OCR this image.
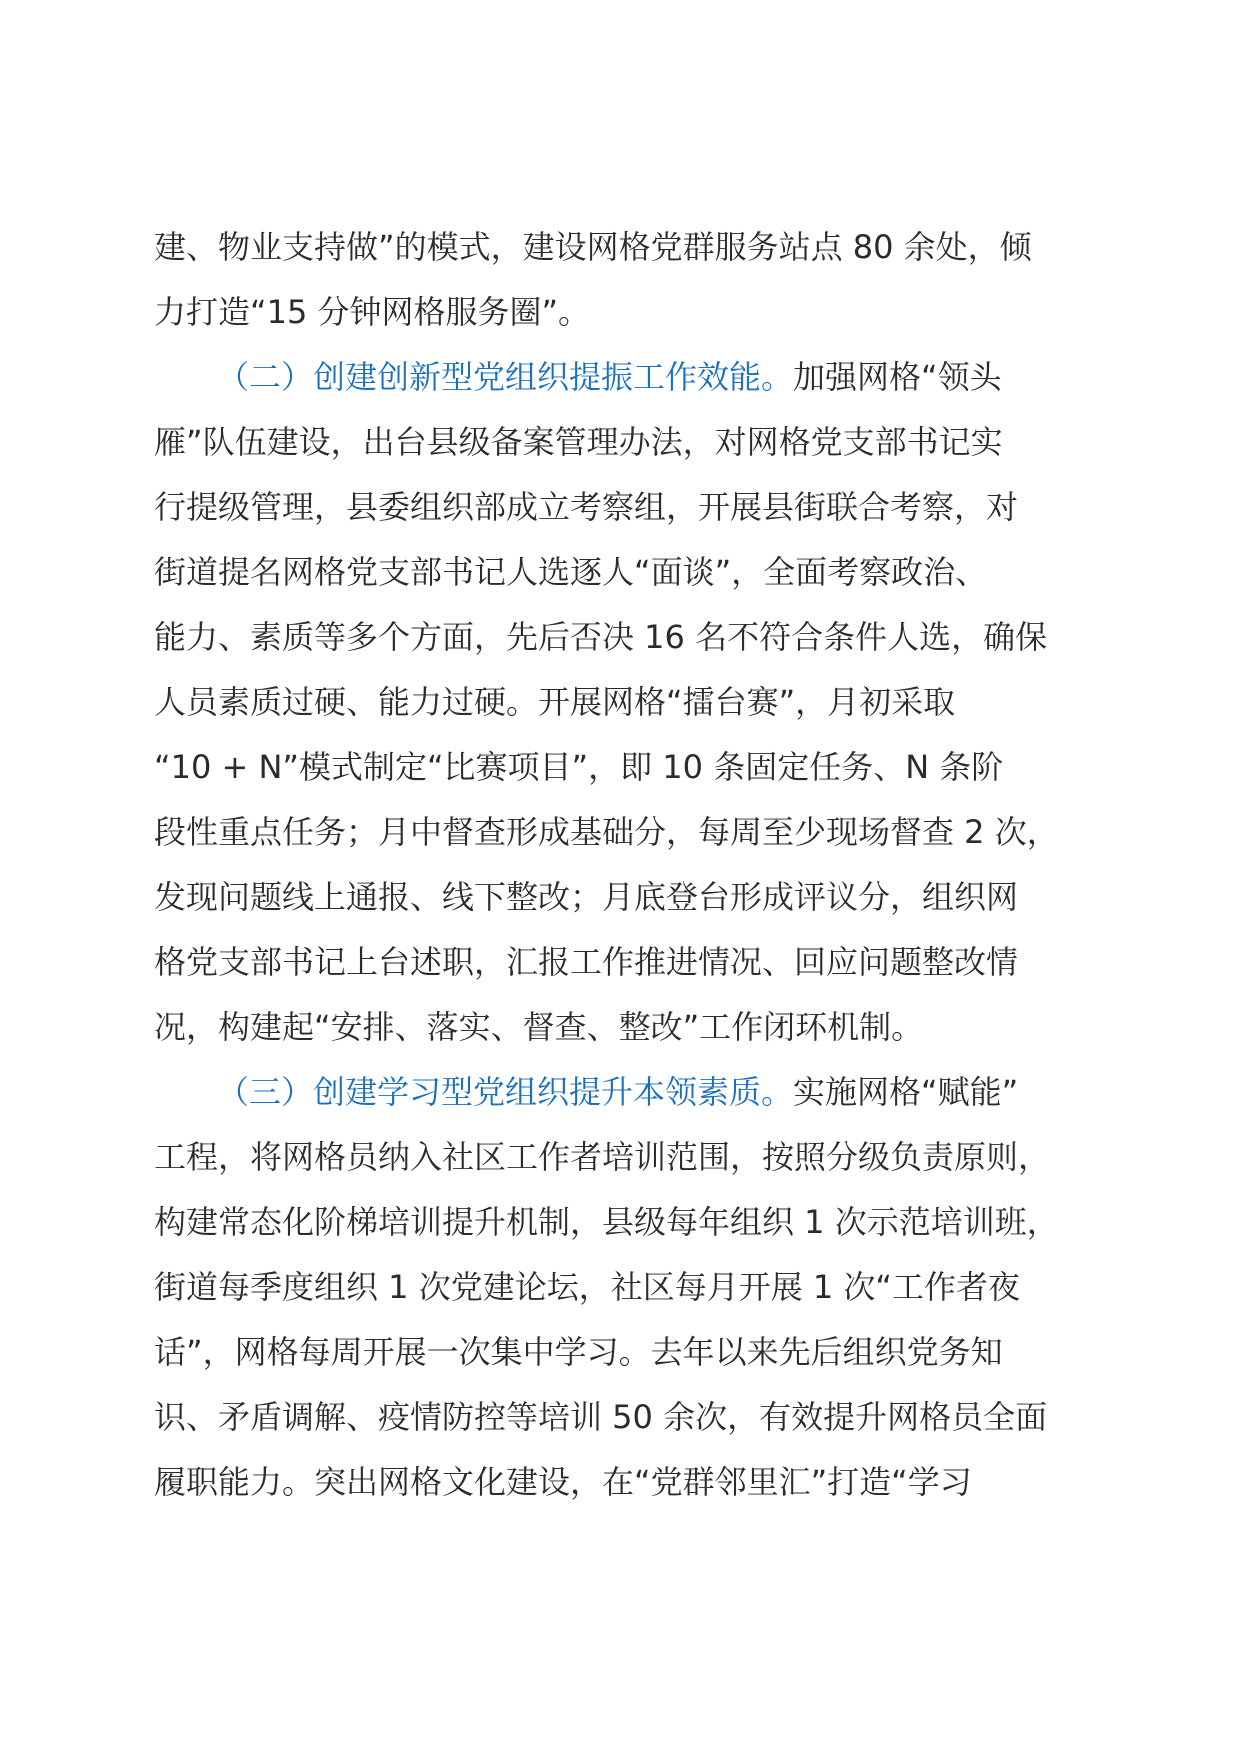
建、物业支持做”的模式，建设网格党群服务站点 80 余处，倾
力打造“15 分钟网格服务圈”。
（二）创建创新型党组织提振工作效能。加强网格“领头
雁”队伍建设，出台县级备案管理办法，对网格党支部书记实
行提级管理，县委组织部成立考察组，开展县街联合考察，对
街道提名网格党支部书记人选逐人“面谈”，全面考察政治、
能力、素质等多个方面，先后否决 16 名不符合条件人选，确保
人员素质过硬、能力过硬。开展网格“擂台赛”，月初采取
“10 + N”模式制定“比赛项目”，即 10 条固定任务、N 条阶
段性重点任务；月中督查形成基础分，每周至少现场督查 2 次，
发现问题线上通报、线下整改；月底登台形成评议分，组织网
格党支部书记上台述职，汇报工作推进情况、回应问题整改情
况，构建起“安排、落实、督查、整改”工作闭环机制。
（三）创建学习型党组织提升本领素质。实施网格“赋能”
工程，将网格员纳入社区工作者培训范围，按照分级负责原则，
构建常态化阶梯培训提升机制，县级每年组织 1 次示范培训班，
街道每季度组织 1 次党建论坛，社区每月开展 1 次“工作者夜
话”，网格每周开展一次集中学习。去年以来先后组织党务知
识、矛盾调解、疫情防控等培训 50 余次，有效提升网格员全面
履职能力。突出网格文化建设，在“党群邻里汇”打造“学习
